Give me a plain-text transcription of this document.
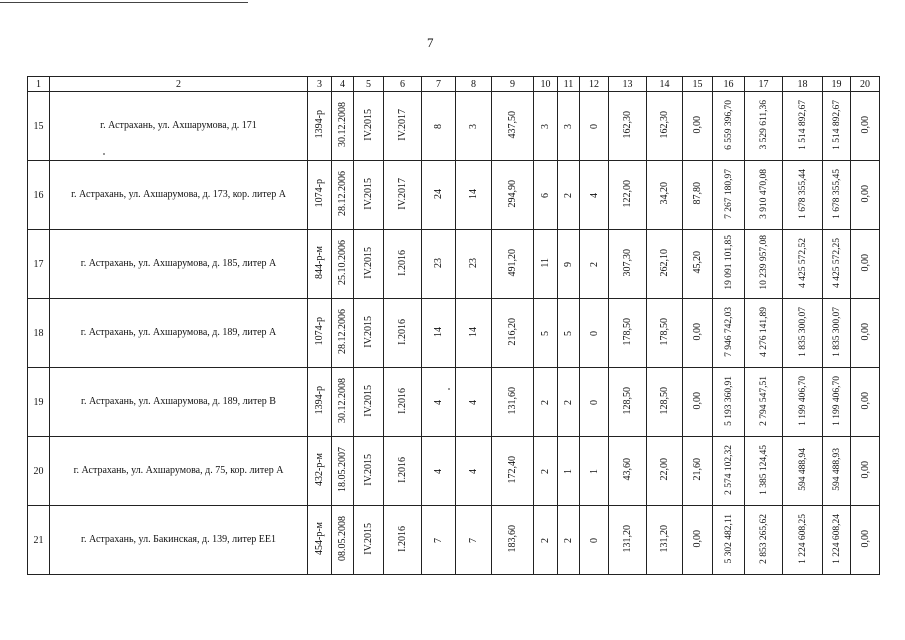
7
1	2	3	4	5	6	7	8	9	10	11	12	13	14	15	16	17	18	19	20
15	г. Астрахань, ул. Ахшарумова, д. 171	1394-р	30.12.2008	IV.2015	IV.2017	8	3	437,50	3	3	0	162,30	162,30	0,00	6 559 396,70	3 529 611,36	1 514 892,67	1 514 892,67	0,00
16	г. Астрахань, ул. Ахшарумова, д. 173, кор. литер А	1074-р	28.12.2006	IV.2015	IV.2017	24	14	294,90	6	2	4	122,00	34,20	87,80	7 267 180,97	3 910 470,08	1 678 355,44	1 678 355,45	0,00
17	г. Астрахань, ул. Ахшарумова, д. 185, литер А	844-р-м	25.10.2006	IV.2015	I.2016	23	23	491,20	11	9	2	307,30	262,10	45,20	19 091 101,85	10 239 957,08	4 425 572,52	4 425 572,25	0,00
18	г. Астрахань, ул. Ахшарумова, д. 189, литер А	1074-р	28.12.2006	IV.2015	I.2016	14	14	216,20	5	5	0	178,50	178,50	0,00	7 946 742,03	4 276 141,89	1 835 300,07	1 835 300,07	0,00
19	г. Астрахань, ул. Ахшарумова, д. 189, литер В	1394-р	30.12.2008	IV.2015	I.2016	4	4	131,60	2	2	0	128,50	128,50	0,00	5 193 360,91	2 794 547,51	1 199 406,70	1 199 406,70	0,00
20	г. Астрахань, ул. Ахшарумова, д. 75, кор. литер А	432-р-м	18.05.2007	IV.2015	I.2016	4	4	172,40	2	1	1	43,60	22,00	21,60	2 574 102,32	1 385 124,45	594 488,94	594 488,93	0,00
21	г. Астрахань, ул. Бакинская, д. 139, литер ЕЕ1	454-р-м	08.05.2008	IV.2015	I.2016	7	7	183,60	2	2	0	131,20	131,20	0,00	5 302 482,11	2 853 265,62	1 224 608,25	1 224 608,24	0,00
